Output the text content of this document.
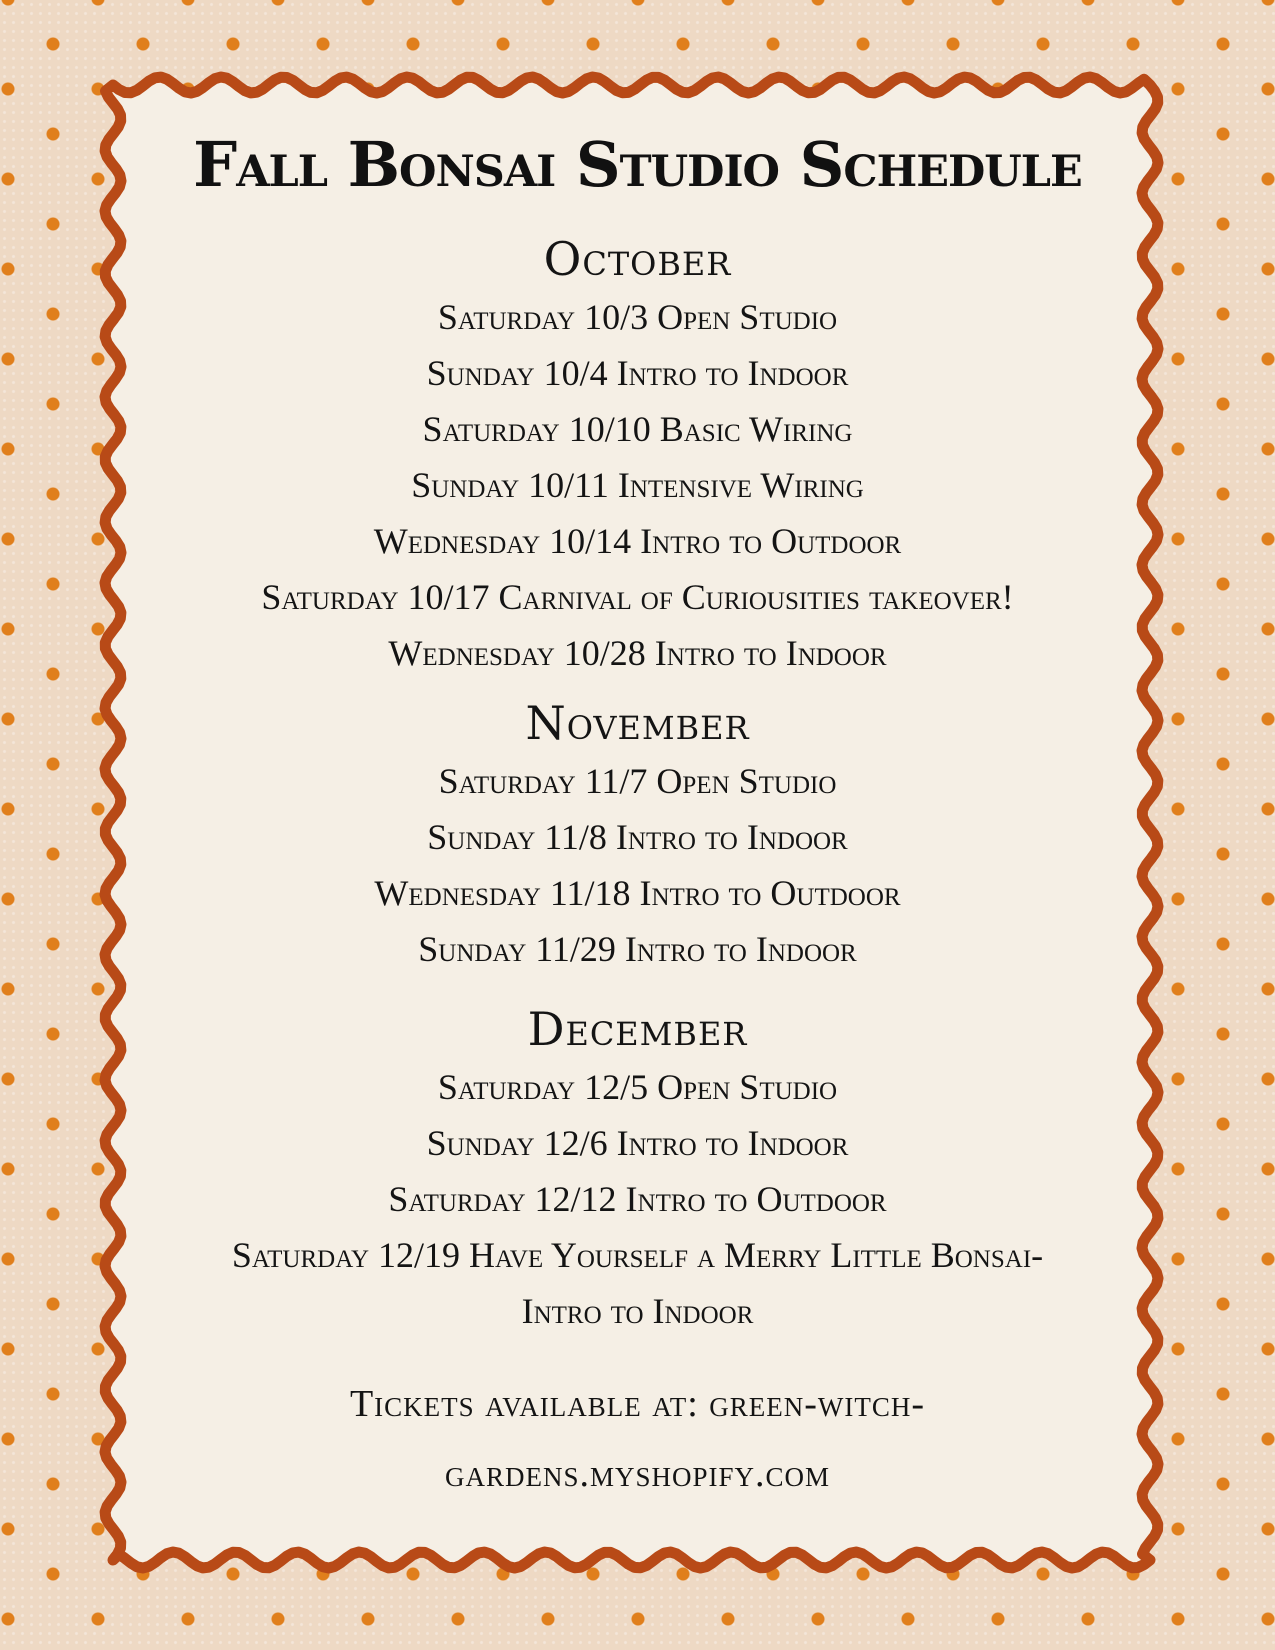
Fall Bonsai Studio Schedule
October
Saturday 10/3 Open Studio
Sunday 10/4 Intro to Indoor
Saturday 10/10 Basic Wiring
Sunday 10/11 Intensive Wiring
Wednesday 10/14 Intro to Outdoor
Saturday 10/17 Carnival of Curiousities takeover!
Wednesday 10/28 Intro to Indoor
November
Saturday 11/7 Open Studio
Sunday 11/8 Intro to Indoor
Wednesday 11/18 Intro to Outdoor
Sunday 11/29 Intro to Indoor
December
Saturday 12/5 Open Studio
Sunday 12/6 Intro to Indoor
Saturday 12/12 Intro to Outdoor
Saturday 12/19 Have Yourself a Merry Little Bonsai-
Intro to Indoor
Tickets available at: green-witch-
gardens.myshopify.com
